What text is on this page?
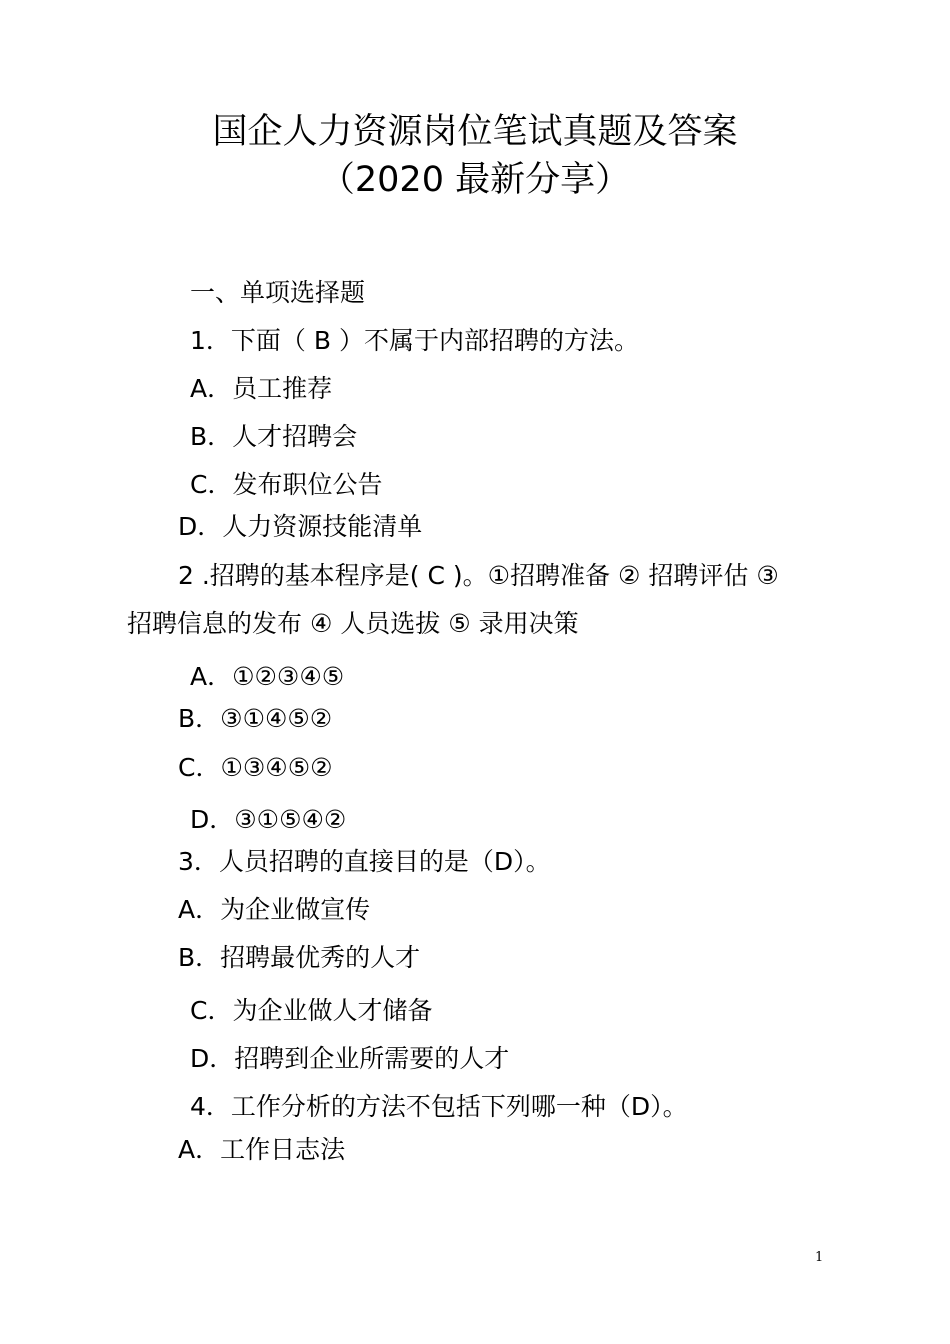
国企人力资源岗位笔试真题及答案
（2020 最新分享）
一、单项选择题
1．下面（ B ）不属于内部招聘的方法。
A．员工推荐
B．人才招聘会
C．发布职位公告
D．人力资源技能清单
2 .招聘的基本程序是( C )。①招聘准备 ② 招聘评估 ③
招聘信息的发布 ④ 人员选拔 ⑤ 录用决策
A．①②③④⑤
B．③①④⑤②
C．①③④⑤②
D．③①⑤④②
3．人员招聘的直接目的是（D）。
A．为企业做宣传
B．招聘最优秀的人才
C．为企业做人才储备
D．招聘到企业所需要的人才
4．工作分析的方法不包括下列哪一种（D）。
A．工作日志法
1
